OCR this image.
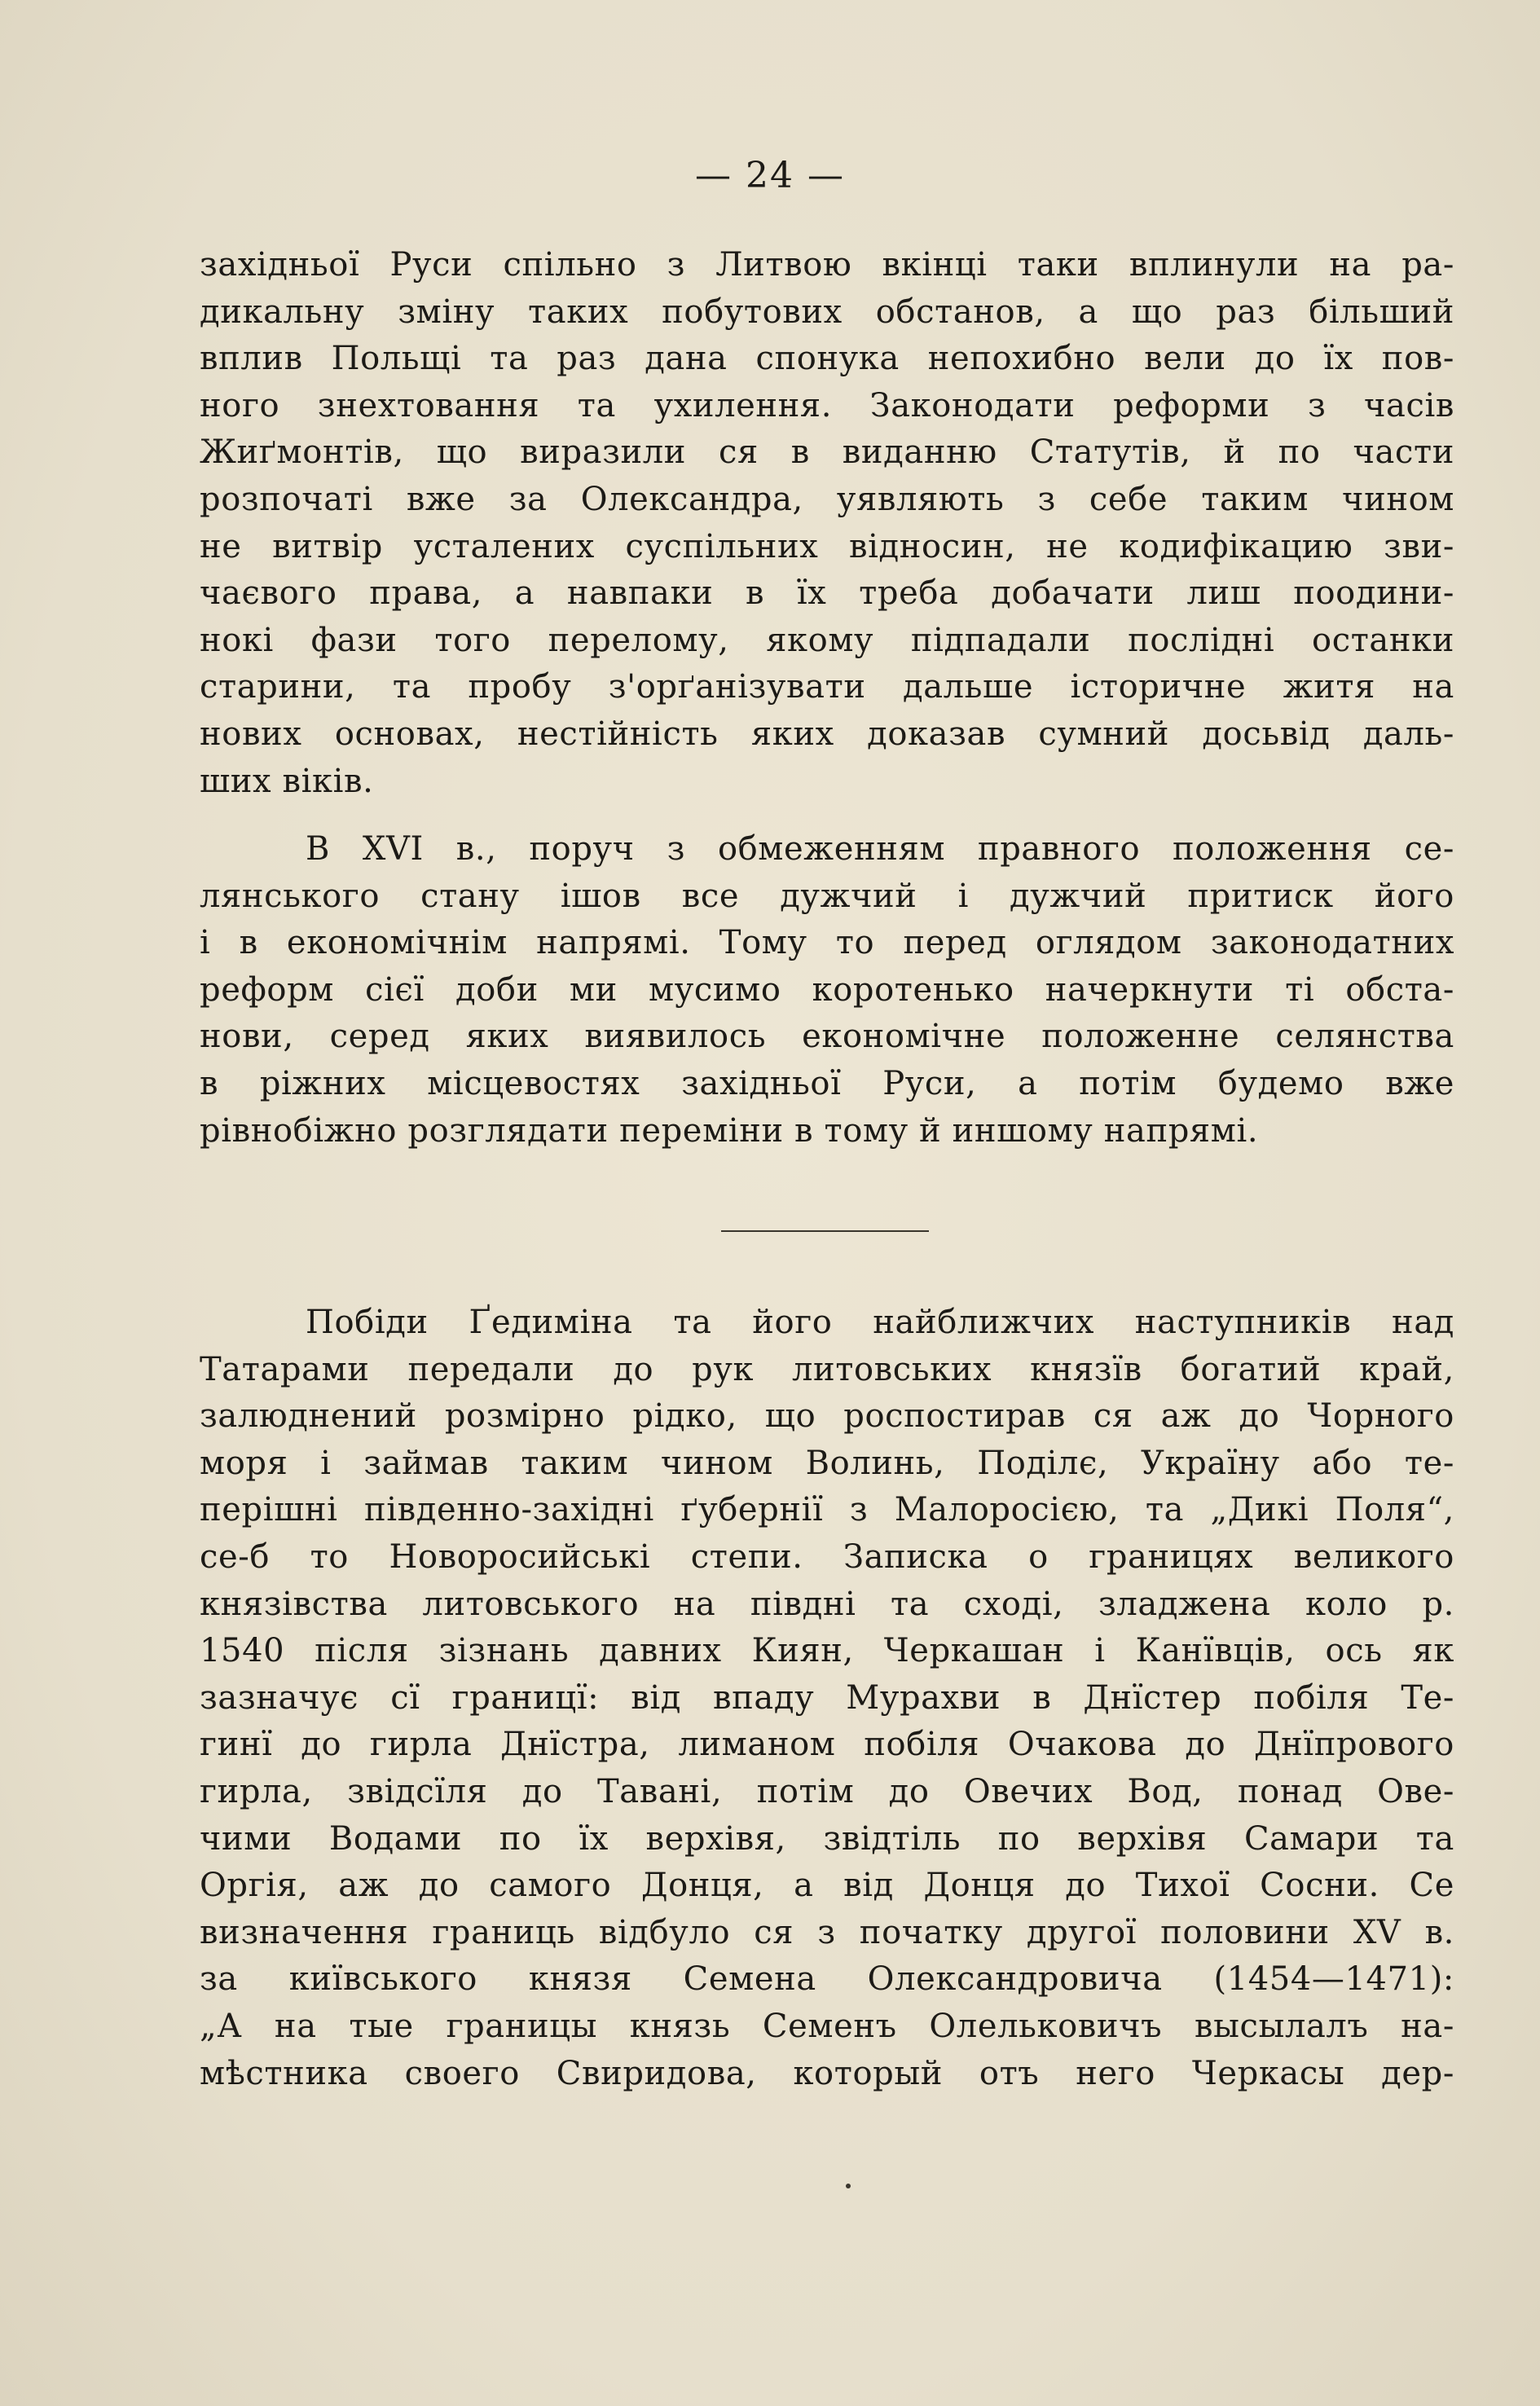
— 24 —
західньої Руси спільно з Литвою вкінці таки вплинули на ра-
дикальну зміну таких побутових обстанов, а що раз більший
вплив Польщі та раз дана спонука непохибно вели до їх пов-
ного знехтовання та ухилення. Законодати реформи з часів
Жиґмонтів, що виразили ся в виданню Статутів, й по части
розпочаті вже за Олександра, уявляють з себе таким чином
не витвір усталених суспільних відносин, не кодифікацию зви-
чаєвого права, а навпаки в їх треба добачати лиш поодини-
нокі фази того перелому, якому підпадали послідні останки
старини, та пробу з'орґанізувати дальше історичне житя на
нових основах, нестійність яких доказав сумний досьвід даль-
ших віків.
В XVI в., поруч з обмеженням правного положення се-
лянського стану ішов все дужчий і дужчий притиск його
і в економічнім напрямі. Тому то перед оглядом законодатних
реформ сієї доби ми мусимо коротенько начеркнути ті обста-
нови, серед яких виявилось економічне положенне селянства
в ріжних місцевостях західньої Руси, а потім будемо вже
рівнобіжно розглядати переміни в тому й иншому напрямі.
Побіди Ґедиміна та його найближчих наступників над
Татарами передали до рук литовських князїв богатий край,
залюднений розмірно рідко, що роспостирав ся аж до Чорного
моря і займав таким чином Волинь, Поділє, Україну або те-
перішні південно-західні ґубернії з Малоросією, та „Дикі Поля“,
се-б то Новоросийські степи. Записка о границях великого
князівства литовського на півдні та сході, зладжена коло р.
1540 після зізнань давних Киян, Черкашан і Канївців, ось як
зазначує сї границї: від впаду Мурахви в Днїстер побіля Те-
гинї до гирла Днїстра, лиманом побіля Очакова до Днїпрового
гирла, звідсїля до Тавані, потім до Овечих Вод, понад Ове-
чими Водами по їх верхівя, звідтіль по верхівя Самари та
Оргія, аж до самого Донця, а від Донця до Тихої Сосни. Се
визначення границь відбуло ся з початку другої половини XV в.
за київського князя Семена Олександровича (1454—1471):
„А на тые границы князь Семенъ Олельковичъ высылалъ на-
мѣстника своего Свиридова, который отъ него Черкасы дер-
